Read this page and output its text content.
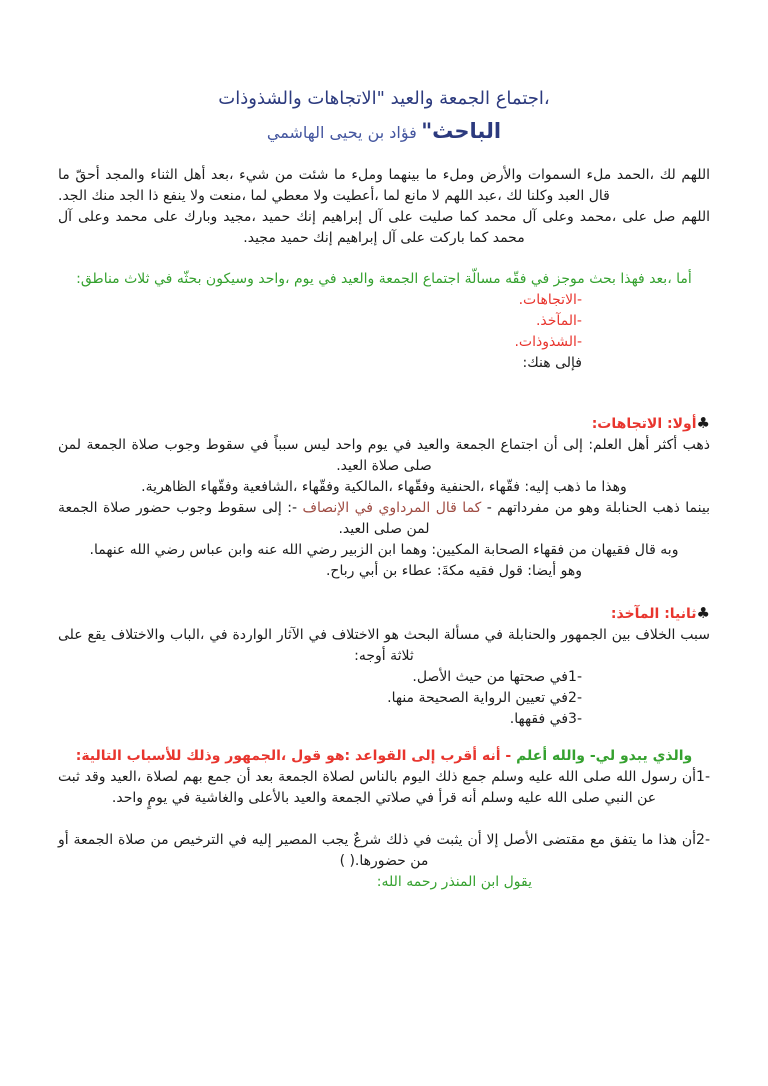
،اجتماع الجمعة والعيد "الاتجاهات والشذوذات

الباحث" فؤاد بن يحيى الهاشمي

اللهم لك ،الحمد ملء السموات والأرض وملء ما بينهما وملء ما شئت من شيء ،بعد أهل الثناء والمجد أحقّ ما قال العبد وكلنا لك ،عبد اللهم لا مانع لما ،أعطيت ولا معطي لما ،منعت ولا ينفع ذا الجد منك الجد.

اللهم صل على ،محمد وعلى آل محمد كما صليت على آل إبراهيم إنك حميد ،مجيد وبارك على محمد وعلى آل محمد كما باركت على آل إبراهيم إنك حميد مجيد.

أما ،بعد فهذا بحث موجز في فقّه مسالّة اجتماع الجمعة والعيد في يوم ،واحد وسيكون بحثّه في ثلاث مناطق:

-الاتجاهات.

-المآخذ.

-الشذوذات.

فإلى هنك:

♣أولا: الاتجاهات:

ذهب أكثر أهل العلم: إلى أن اجتماع الجمعة والعيد في يوم واحد ليس سبباً في سقوط وجوب صلاة الجمعة لمن صلى صلاة العيد.

وهذا ما ذهب إليه: فقّهاء ،الحنفية وفقّهاء ،المالكية وفقّهاء ،الشافعية وفقّهاء الظاهرية.

بينما ذهب الحنابلة وهو من مفرداتهم - كما قال المرداوي في الإنصاف -: إلى سقوط وجوب حضور صلاة الجمعة لمن صلى العيد.

وبه قال فقيهان من فقهاء الصحابة المكيين: وهما ابن الزبير رضي الله عنه وابن عباس رضي الله عنهما.

وهو أيضا: قول فقيه مكةَ: عطاء بن أبي رباح.

♣ثانيا: المآخذ:

سبب الخلاف بين الجمهور والحنابلة في مسألة البحث هو الاختلاف في الآثار الواردة في ،الباب والاختلاف يقع على ثلاثة أوجه:

-1في صحتها من حيث الأصل.

-2في تعيين الرواية الصحيحة منها.

-3في فقهها.

والذي يبدو لي- والله أعلم - أنه أقرب إلى القواعد :هو قول ،الجمهور وذلك للأسباب التالية:

-1أن رسول الله صلى الله عليه وسلم جمع ذلك اليوم بالناس لصلاة الجمعة بعد أن جمع بهم لصلاة ،العيد وقد ثبت عن النبي صلى الله عليه وسلم أنه قرأ في صلاتي الجمعة والعيد بالأعلى والغاشية في يومٍ واحد.

-2أن هذا ما يتفق مع مقتضى الأصل إلا أن يثبت في ذلك شرعٌ يجب المصير إليه في الترخيص من صلاة الجمعة أو من حضورها.( )

يقول ابن المنذر رحمه الله:
